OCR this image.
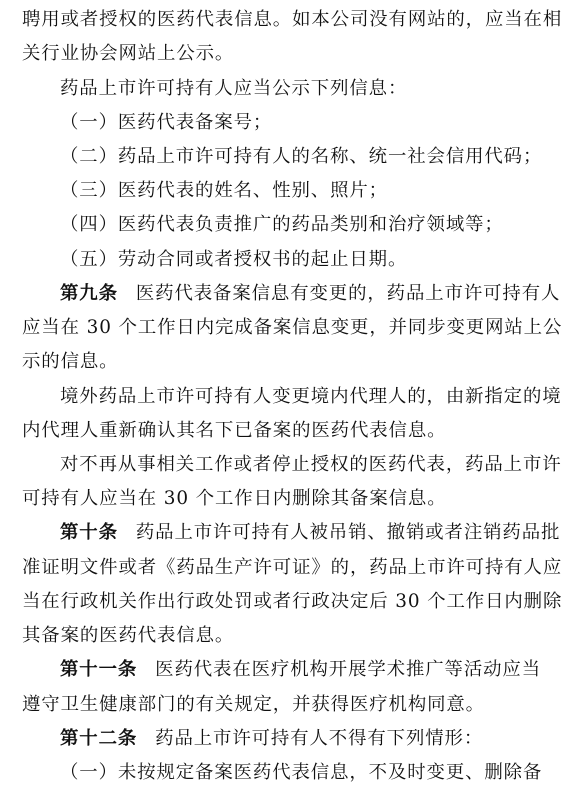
聘用或者授权的医药代表信息。如本公司没有网站的，应当在相
关行业协会网站上公示。
药品上市许可持有人应当公示下列信息：
（一）医药代表备案号；
（二）药品上市许可持有人的名称、统一社会信用代码；
（三）医药代表的姓名、性别、照片；
（四）医药代表负责推广的药品类别和治疗领域等；
（五）劳动合同或者授权书的起止日期。
第九条 医药代表备案信息有变更的，药品上市许可持有人
应当在 30 个工作日内完成备案信息变更，并同步变更网站上公
示的信息。
境外药品上市许可持有人变更境内代理人的，由新指定的境
内代理人重新确认其名下已备案的医药代表信息。
对不再从事相关工作或者停止授权的医药代表，药品上市许
可持有人应当在 30 个工作日内删除其备案信息。
第十条 药品上市许可持有人被吊销、撤销或者注销药品批
准证明文件或者《药品生产许可证》的，药品上市许可持有人应
当在行政机关作出行政处罚或者行政决定后 30 个工作日内删除
其备案的医药代表信息。
第十一条 医药代表在医疗机构开展学术推广等活动应当
遵守卫生健康部门的有关规定，并获得医疗机构同意。
第十二条 药品上市许可持有人不得有下列情形：
（一）未按规定备案医药代表信息，不及时变更、删除备
